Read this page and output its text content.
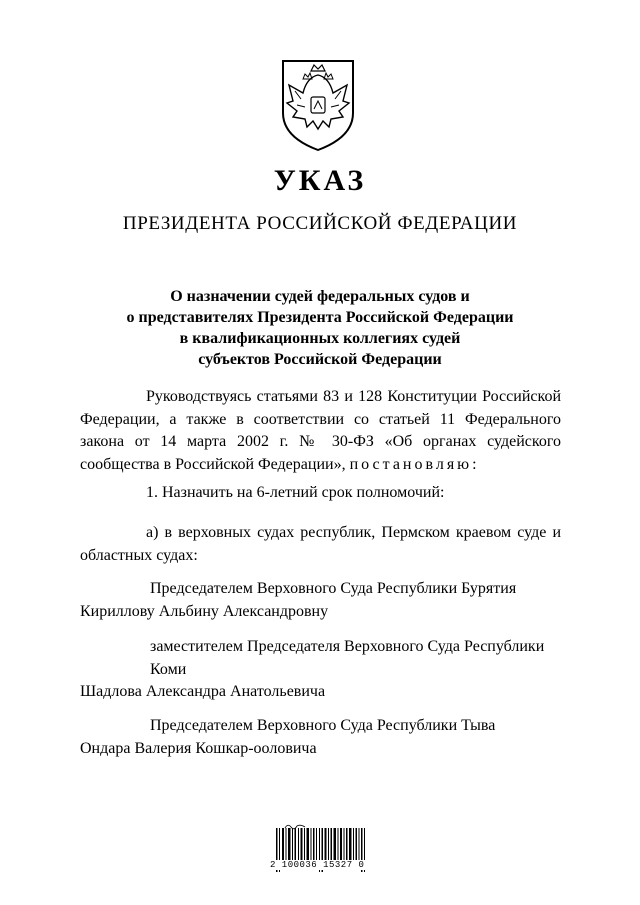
УКАЗ
ПРЕЗИДЕНТА РОССИЙСКОЙ ФЕДЕРАЦИИ
О назначении судей федеральных судов и
о представителях Президента Российской Федерации
в квалификационных коллегиях судей
субъектов Российской Федерации
Руководствуясь статьями 83 и 128 Конституции Российской
Федерации, а также в соответствии со статьей 11 Федерального
закона от 14 марта 2002 г. № 30-ФЗ «Об органах судейского
сообщества в Российской Федерации», постановляю:
1. Назначить на 6-летний срок полномочий:
а) в верховных судах республик, Пермском краевом суде и областных судах:
Председателем Верховного Суда Республики Бурятия
Кириллову Альбину Александровну
заместителем Председателя Верховного Суда Республики
Коми
Шадлова Александра Анатольевича
Председателем Верховного Суда Республики Тыва
Ондара Валерия Кошкар-ооловича
2 100036 15327 0
